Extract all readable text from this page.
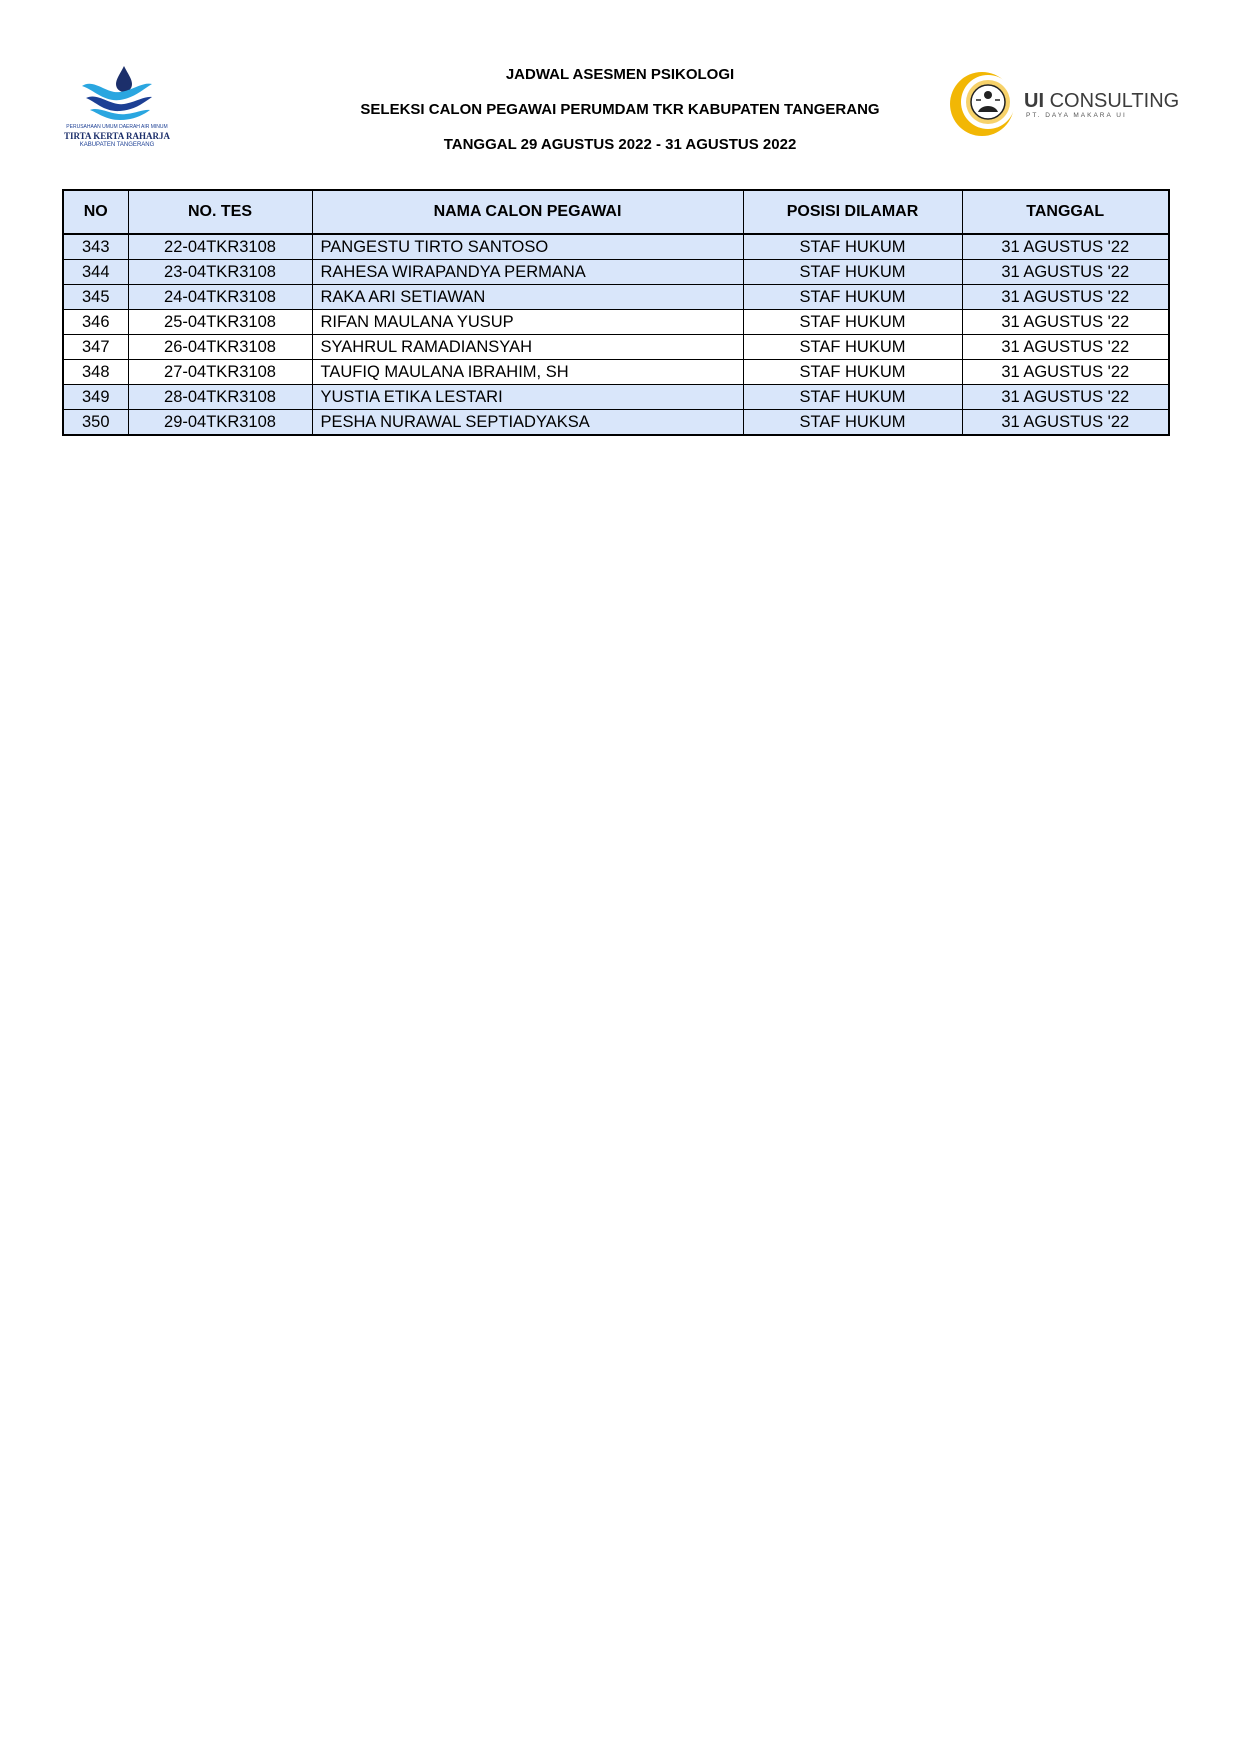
PERUSAHAAN UMUM DAERAH AIR MINUM
TIRTA KERTA RAHARJA
KABUPATEN TANGERANG
JADWAL ASESMEN PSIKOLOGI
SELEKSI CALON PEGAWAI PERUMDAM TKR KABUPATEN TANGERANG
TANGGAL 29 AGUSTUS 2022 - 31 AGUSTUS 2022
UI CONSULTING
PT. DAYA MAKARA UI
NO	NO. TES	NAMA CALON PEGAWAI	POSISI DILAMAR	TANGGAL
343	22-04TKR3108	PANGESTU TIRTO SANTOSO	STAF HUKUM	31 AGUSTUS '22
344	23-04TKR3108	RAHESA WIRAPANDYA PERMANA	STAF HUKUM	31 AGUSTUS '22
345	24-04TKR3108	RAKA ARI SETIAWAN	STAF HUKUM	31 AGUSTUS '22
346	25-04TKR3108	RIFAN MAULANA YUSUP	STAF HUKUM	31 AGUSTUS '22
347	26-04TKR3108	SYAHRUL RAMADIANSYAH	STAF HUKUM	31 AGUSTUS '22
348	27-04TKR3108	TAUFIQ MAULANA IBRAHIM, SH	STAF HUKUM	31 AGUSTUS '22
349	28-04TKR3108	YUSTIA ETIKA LESTARI	STAF HUKUM	31 AGUSTUS '22
350	29-04TKR3108	PESHA NURAWAL SEPTIADYAKSA	STAF HUKUM	31 AGUSTUS '22
